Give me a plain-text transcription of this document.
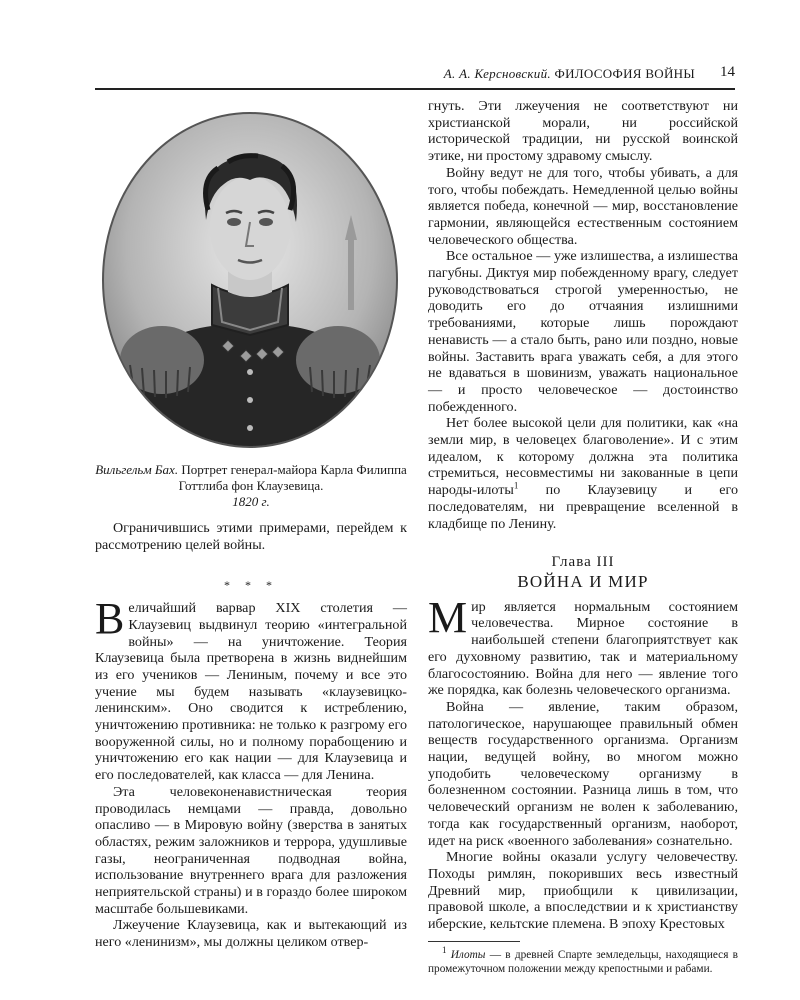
А. А. Керсновский. ФИЛОСОФИЯ ВОЙНЫ 14
Вильгельм Бах. Портрет генерал-майора Карла Филиппа Готтлиба фон Клаузевица.
1820 г.

Ограничившись этими примерами, перейдем к рассмотрению целей войны.

* * *

Величайший варвар XIX столетия — Клаузевиц выдвинул теорию «интегральной войны» — на уничтожение. Теория Клаузевица была претворена в жизнь виднейшим из его учеников — Лениным, почему и все это учение мы будем называть «клаузевицко-ленинским». Оно сводится к истреблению, уничтожению противника: не только к разгрому его вооруженной силы, но и полному порабощению и уничтожению его как нации — для Клаузевица и его последователей, как класса — для Ленина.

Эта человеконенавистническая теория проводилась немцами — правда, довольно опасливо — в Мировую войну (зверства в занятых областях, режим заложников и террора, удушливые газы, неограниченная подводная война, использование внутреннего врага для разложения неприятельской страны) и в гораздо более широком масштабе большевиками.

Лжеучение Клаузевица, как и вытекающий из него «ленинизм», мы должны целиком отвер-

гнуть. Эти лжеучения не соответствуют ни христианской морали, ни российской исторической традиции, ни русской воинской этике, ни простому здравому смыслу.

Войну ведут не для того, чтобы убивать, а для того, чтобы побеждать. Немедленной целью войны является победа, конечной — мир, восстановление гармонии, являющейся естественным состоянием человеческого общества.

Все остальное — уже излишества, а излишества пагубны. Диктуя мир побежденному врагу, следует руководствоваться строгой умеренностью, не доводить его до отчаяния излишними требованиями, которые лишь порождают ненависть — а стало быть, рано или поздно, новые войны. Заставить врага уважать себя, а для этого не вдаваться в шовинизм, уважать национальное — и просто человеческое — достоинство побежденного.

Нет более высокой цели для политики, как «на земли мир, в человецех благоволение». И с этим идеалом, к которому должна эта политика стремиться, несовместимы ни закованные в цепи народы-илоты$^1$ по Клаузевицу и его последователям, ни превращение вселенной в кладбище по Ленину.

Глава III
ВОЙНА И МИР

Мир является нормальным состоянием человечества. Мирное состояние в наибольшей степени благоприятствует как его духовному развитию, так и материальному благосостоянию. Война для него — явление того же порядка, как болезнь человеческого организма.

Война — явление, таким образом, патологическое, нарушающее правильный обмен веществ государственного организма. Организм нации, ведущей войну, во многом можно уподобить человеческому организму в болезненном состоянии. Разница лишь в том, что человеческий организм не волен к заболеванию, тогда как государственный организм, наоборот, идет на риск «военного заболевания» сознательно.

Многие войны оказали услугу человечеству. Походы римлян, покоривших весь известный Древний мир, приобщили к цивилизации, правовой школе, а впоследствии и к христианству иберские, кельтские племена. В эпоху Крестовых

$^1$ Илоты — в древней Спарте земледельцы, находящиеся в промежуточном положении между крепостными и рабами.
